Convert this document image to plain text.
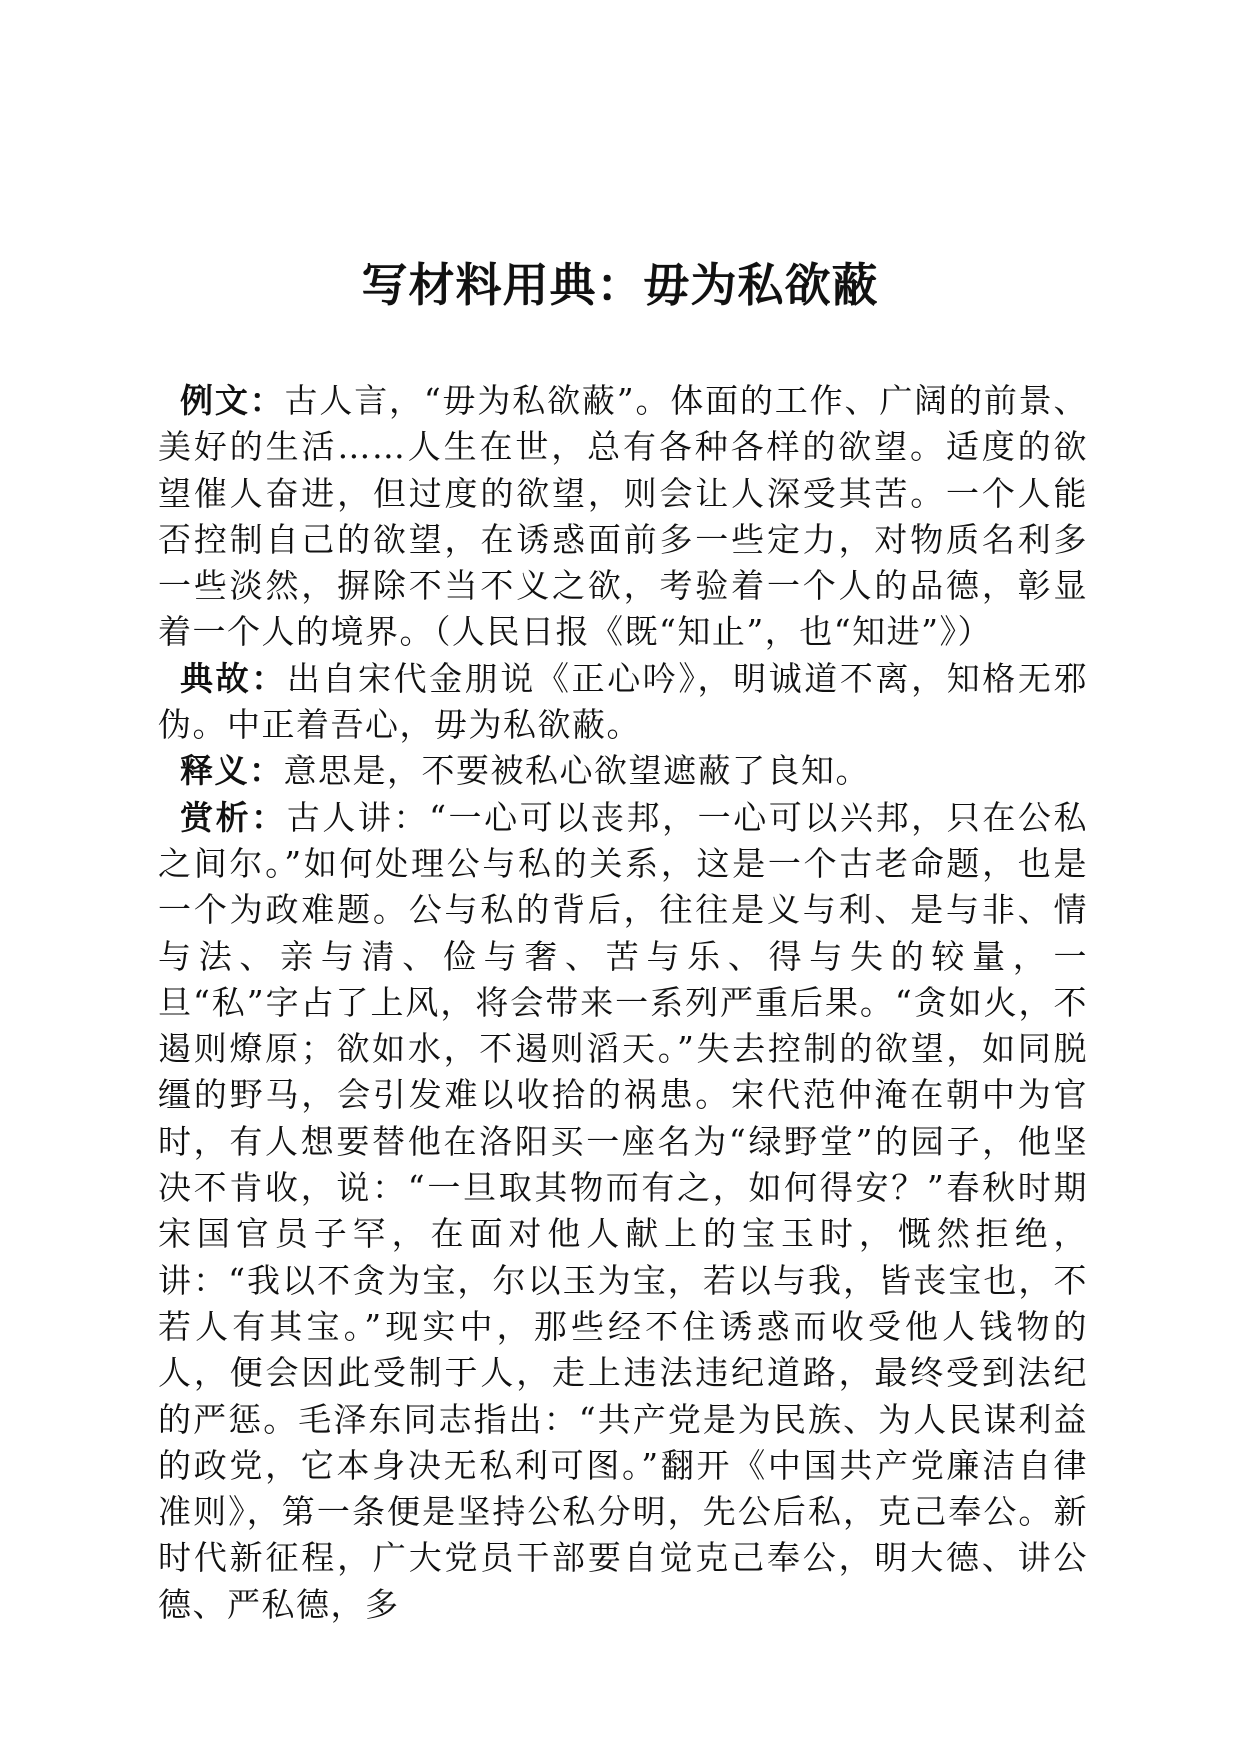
写材料用典：毋为私欲蔽

例文：古人言，“毋为私欲蔽”。体面的工作、广阔的前景、美好的生活……人生在世，总有各种各样的欲望。适度的欲望催人奋进，但过度的欲望，则会让人深受其苦。一个人能否控制自己的欲望，在诱惑面前多一些定力，对物质名利多一些淡然，摒除不当不义之欲，考验着一个人的品德，彰显着一个人的境界。（人民日报《既“知止”，也“知进”》）

典故：出自宋代金朋说《正心吟》，明诚道不离，知格无邪伪。中正着吾心，毋为私欲蔽。

释义：意思是，不要被私心欲望遮蔽了良知。

赏析：古人讲：“一心可以丧邦，一心可以兴邦，只在公私之间尔。”如何处理公与私的关系，这是一个古老命题，也是一个为政难题。公与私的背后，往往是义与利、是与非、情与法、亲与清、俭与奢、苦与乐、得与失的较量，一旦“私”字占了上风，将会带来一系列严重后果。“贪如火，不遏则燎原；欲如水，不遏则滔天。”失去控制的欲望，如同脱缰的野马，会引发难以收拾的祸患。宋代范仲淹在朝中为官时，有人想要替他在洛阳买一座名为“绿野堂”的园子，他坚决不肯收，说：“一旦取其物而有之，如何得安？”春秋时期宋国官员子罕，在面对他人献上的宝玉时，慨然拒绝，讲：“我以不贪为宝，尔以玉为宝，若以与我，皆丧宝也，不若人有其宝。”现实中，那些经不住诱惑而收受他人钱物的人，便会因此受制于人，走上违法违纪道路，最终受到法纪的严惩。毛泽东同志指出：“共产党是为民族、为人民谋利益的政党，它本身决无私利可图。”翻开《中国共产党廉洁自律准则》，第一条便是坚持公私分明，先公后私，克己奉公。新时代新征程，广大党员干部要自觉克己奉公，明大德、讲公德、严私德，多
